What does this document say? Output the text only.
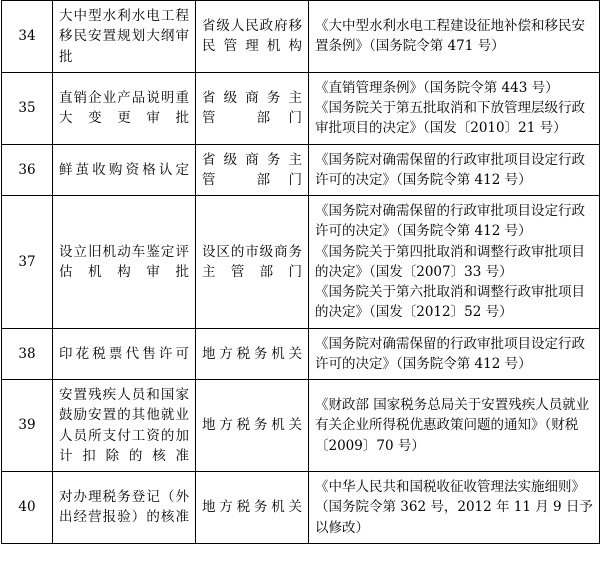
34	大中型水利水电工程移民安置规划大纲审批	省级人民政府移民管理机构	《大中型水利水电工程建设征地补偿和移民安置条例》（国务院令第 471 号）

35	直销企业产品说明重大变更审批	省 级 商 务 主 管 部门	《直销管理条例》（国务院令第 443 号）
《国务院关于第五批取消和下放管理层级行政审批项目的决定》（国发〔2010〕21 号）

36	鲜茧收购资格认定	省 级 商 务 主 管 部门	《国务院对确需保留的行政审批项目设定行政许可的决定》（国务院令第 412 号）

37	设立旧机动车鉴定评估机构审批	设区的市级商务主管部门	《国务院对确需保留的行政审批项目设定行政许可的决定》（国务院令第 412 号）
《国务院关于第四批取消和调整行政审批项目的决定》（国发〔2007〕33 号）
《国务院关于第六批取消和调整行政审批项目的决定》（国发〔2012〕52 号）

38	印花税票代售许可	地方税务机关	《国务院对确需保留的行政审批项目设定行政许可的决定》（国务院令第 412 号）

39	安置残疾人员和国家鼓励安置的其他就业人员所支付工资的加计扣除的核准	地方税务机关	《财政部 国家税务总局关于安置残疾人员就业有关企业所得税优惠政策问题的通知》（财税〔2009〕70 号）

40	对办理税务登记（外出经营报验）的核准	地方税务机关	《中华人民共和国税收征收管理法实施细则》（国务院令第 362 号，2012 年 11 月 9 日予以修改）
